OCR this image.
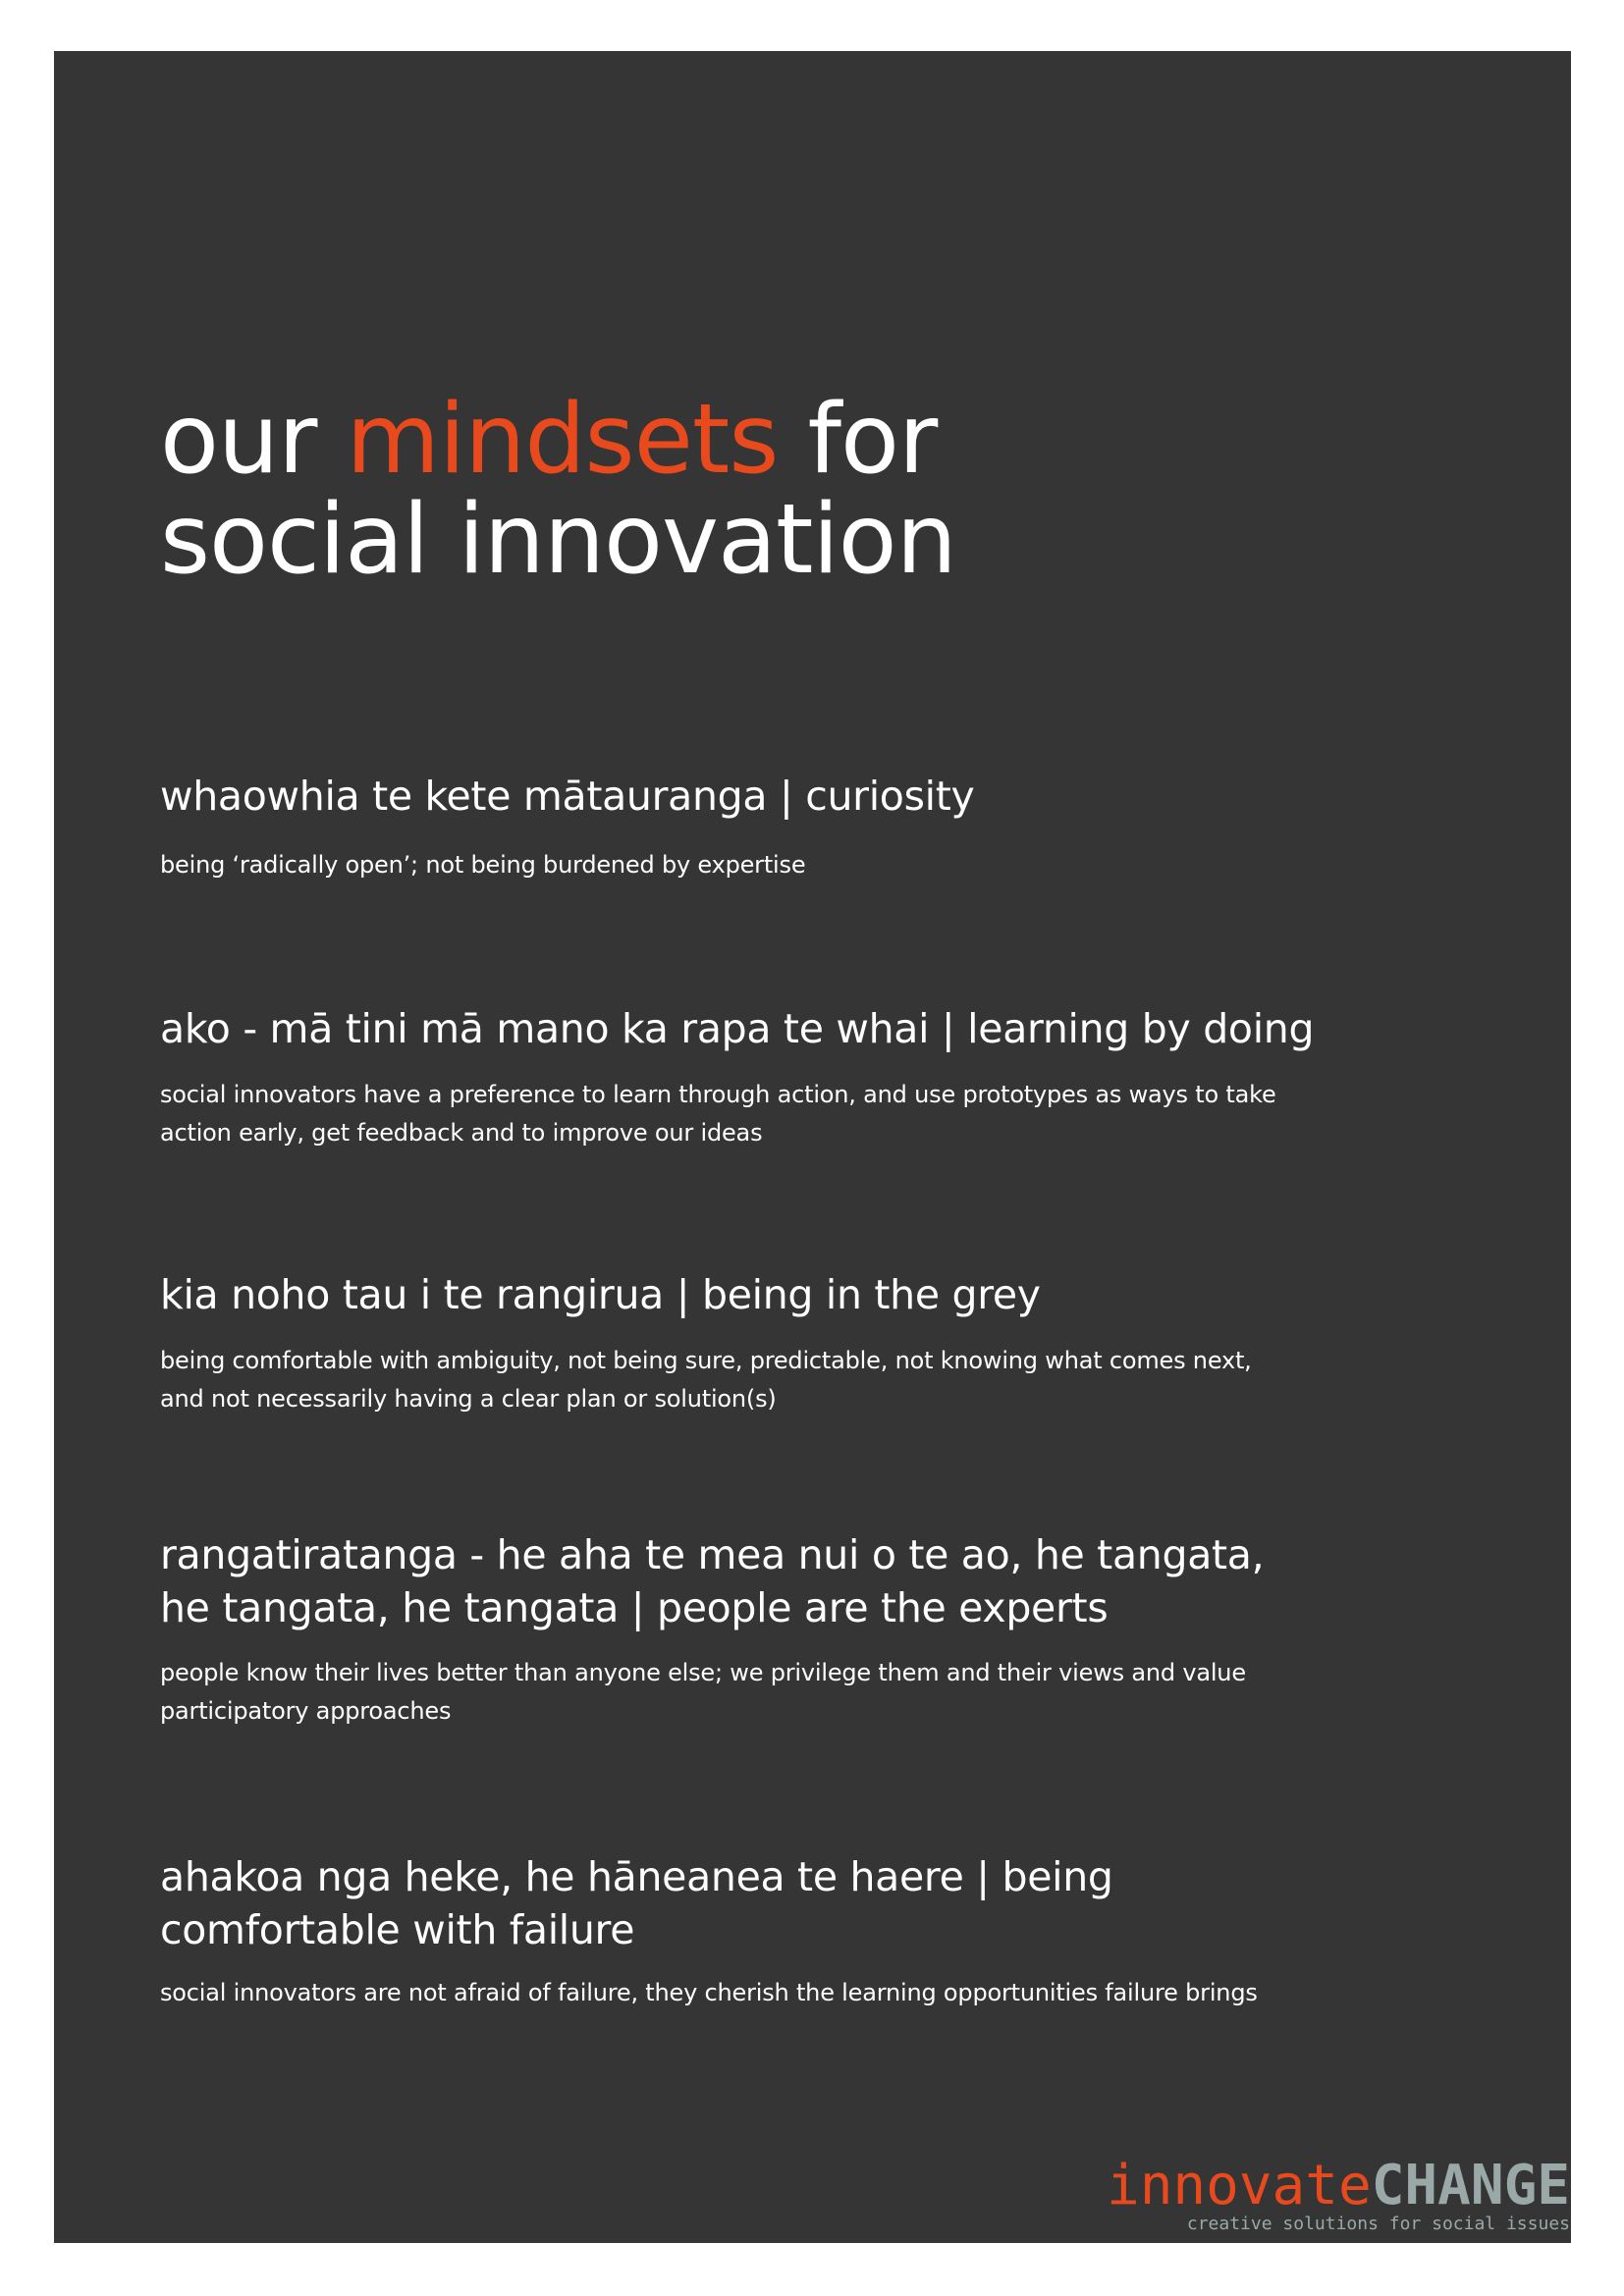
our mindsets for
social innovation
whaowhia te kete mātauranga | curiosity

being ‘radically open’; not being burdened by expertise

ako - mā tini mā mano ka rapa te whai | learning by doing

social innovators have a preference to learn through action, and use prototypes as ways to take
action early, get feedback and to improve our ideas

kia noho tau i te rangirua | being in the grey

being comfortable with ambiguity, not being sure, predictable, not knowing what comes next,
and not necessarily having a clear plan or solution(s)

rangatiratanga - he aha te mea nui o te ao, he tangata,
he tangata, he tangata | people are the experts

people know their lives better than anyone else; we privilege them and their views and value
participatory approaches

ahakoa nga heke, he hāneanea te haere | being
comfortable with failure

social innovators are not afraid of failure, they cherish the learning opportunities failure brings

innovateCHANGE
creative solutions for social issues
